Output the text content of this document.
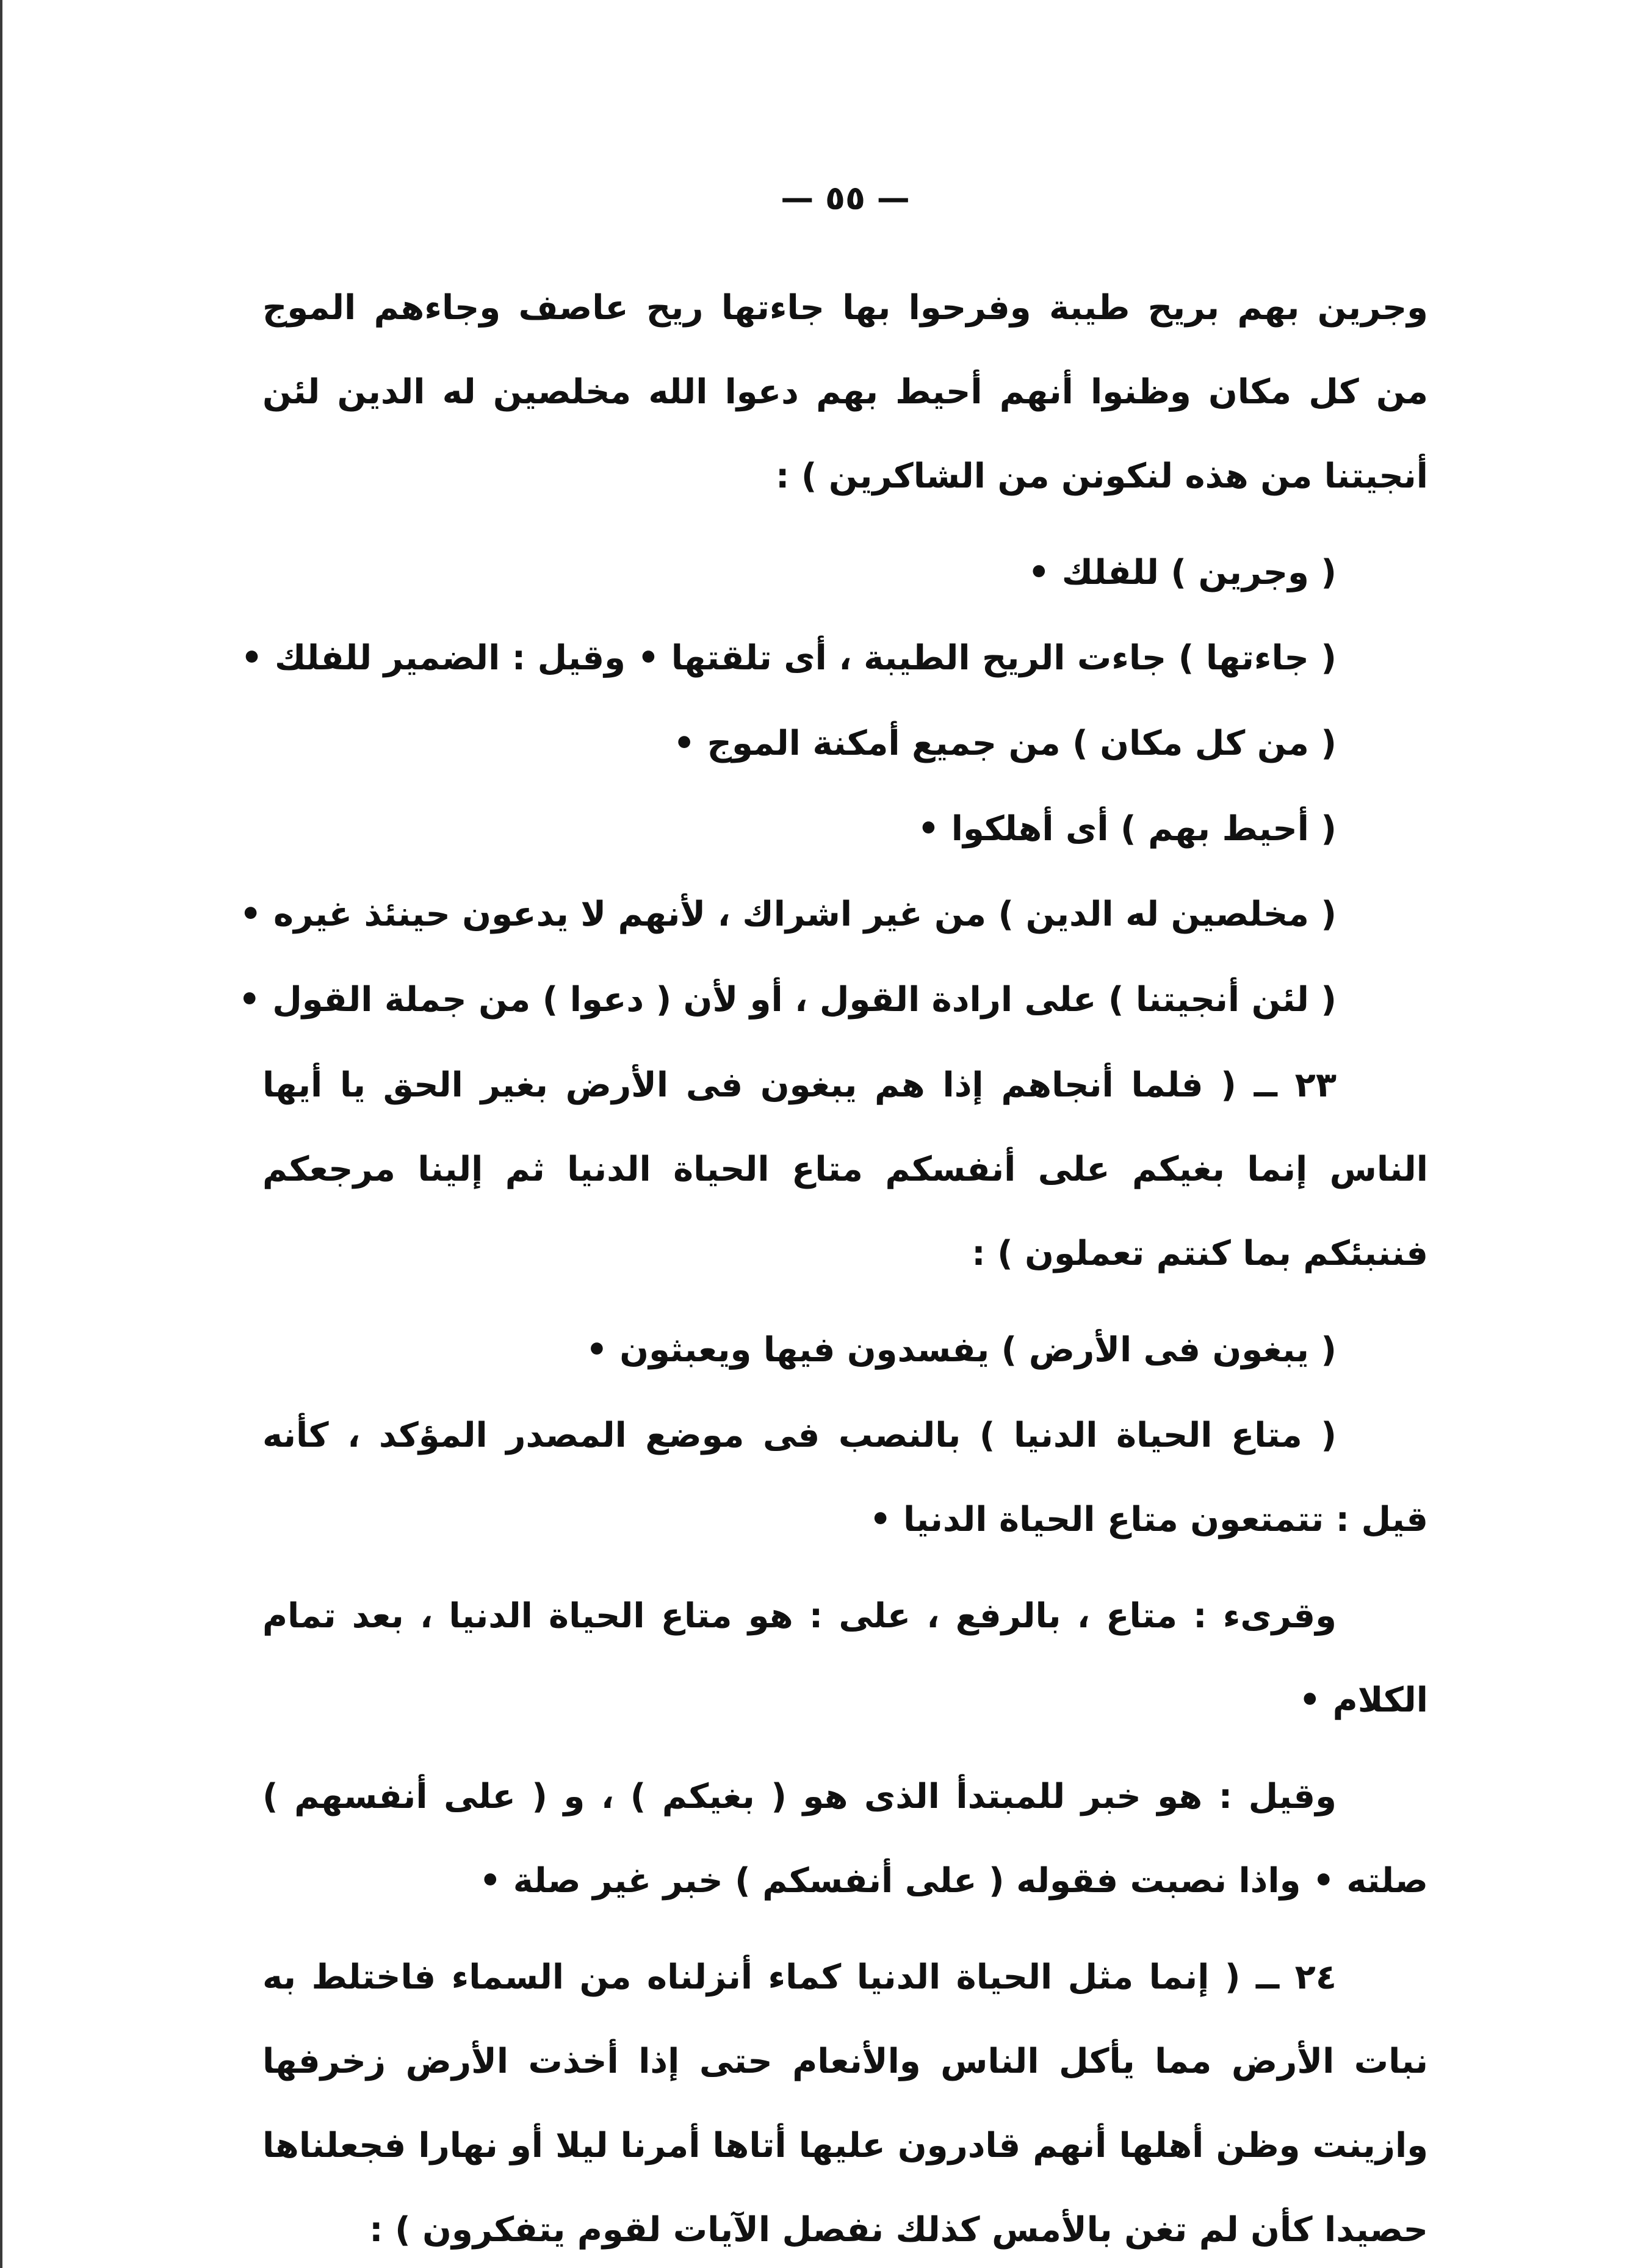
— ٥٥ —

وجرين بهم بريح طيبة وفرحوا بها جاءتها ريح عاصف وجاءهم الموج من كل مكان وظنوا أنهم أحيط بهم دعوا الله مخلصين له الدين لئن أنجيتنا من هذه لنكونن من الشاكرين ) :

( وجرين ) للفلك •

( جاءتها ) جاءت الريح الطيبة ، أى تلقتها • وقيل : الضمير للفلك •

( من كل مكان ) من جميع أمكنة الموج •

( أحيط بهم ) أى أهلكوا •

( مخلصين له الدين ) من غير اشراك ، لأنهم لا يدعون حينئذ غيره •

( لئن أنجيتنا ) على ارادة القول ، أو لأن ( دعوا ) من جملة القول •

٢٣ ــ ( فلما أنجاهم إذا هم يبغون فى الأرض بغير الحق يا أيها الناس إنما بغيكم على أنفسكم متاع الحياة الدنيا ثم إلينا مرجعكم فننبئكم بما كنتم تعملون ) :

( يبغون فى الأرض ) يفسدون فيها ويعبثون •

( متاع الحياة الدنيا ) بالنصب فى موضع المصدر المؤكد ، كأنه قيل : تتمتعون متاع الحياة الدنيا •

وقرىء : متاع ، بالرفع ، على : هو متاع الحياة الدنيا ، بعد تمام الكلام •

وقيل : هو خبر للمبتدأ الذى هو ( بغيكم ) ، و ( على أنفسهم ) صلته • واذا نصبت فقوله ( على أنفسكم ) خبر غير صلة •

٢٤ ــ ( إنما مثل الحياة الدنيا كماء أنزلناه من السماء فاختلط به نبات الأرض مما يأكل الناس والأنعام حتى إذا أخذت الأرض زخرفها وازينت وظن أهلها أنهم قادرون عليها أتاها أمرنا ليلا أو نهارا فجعلناها حصيدا كأن لم تغن بالأمس كذلك نفصل الآيات لقوم يتفكرون ) :
